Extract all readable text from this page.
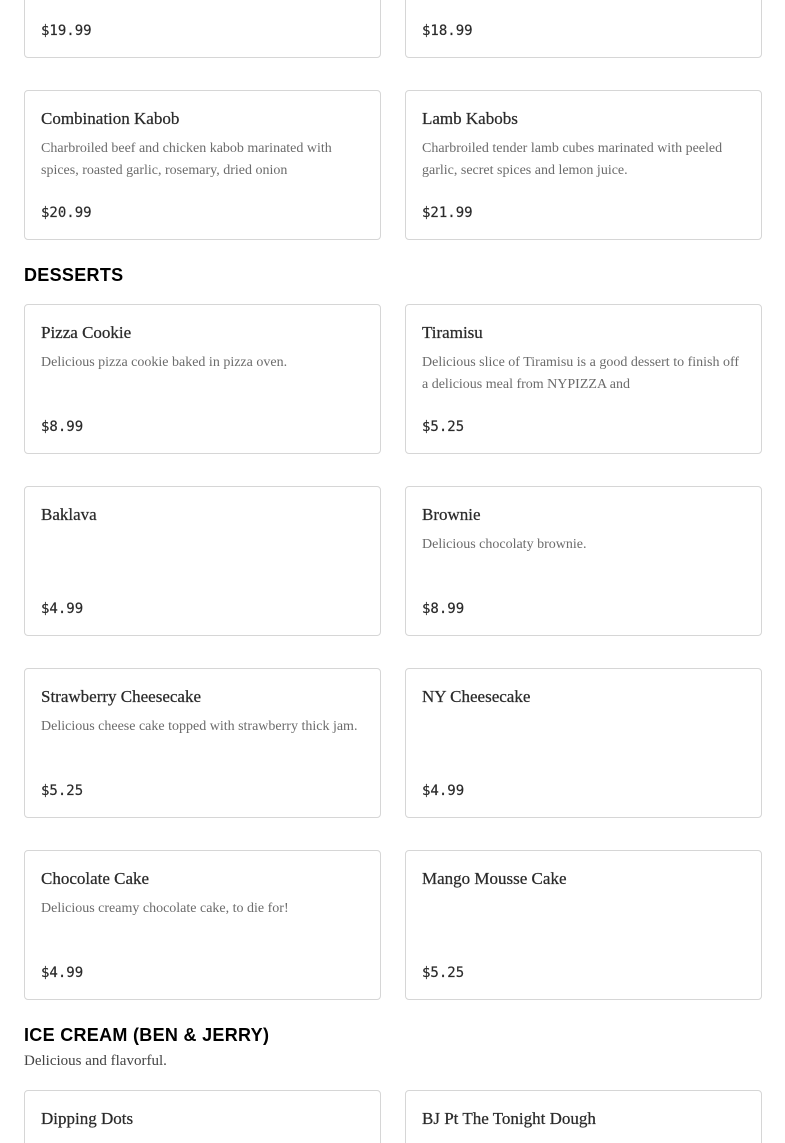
$19.99	$18.99
Combination Kabob
Charbroiled beef and chicken kabob marinated with spices, roasted garlic, rosemary, dried onion
$20.99
Lamb Kabobs
Charbroiled tender lamb cubes marinated with peeled garlic, secret spices and lemon juice.
$21.99
DESSERTS
Pizza Cookie
Delicious pizza cookie baked in pizza oven.
$8.99
Tiramisu
Delicious slice of Tiramisu is a good dessert to finish off a delicious meal from NYPIZZA and
$5.25
Baklava
$4.99
Brownie
Delicious chocolaty brownie.
$8.99
Strawberry Cheesecake
Delicious cheese cake topped with strawberry thick jam.
$5.25
NY Cheesecake
$4.99
Chocolate Cake
Delicious creamy chocolate cake, to die for!
$4.99
Mango Mousse Cake
$5.25
ICE CREAM (BEN & JERRY)
Delicious and flavorful.
Dipping Dots	BJ Pt The Tonight Dough
